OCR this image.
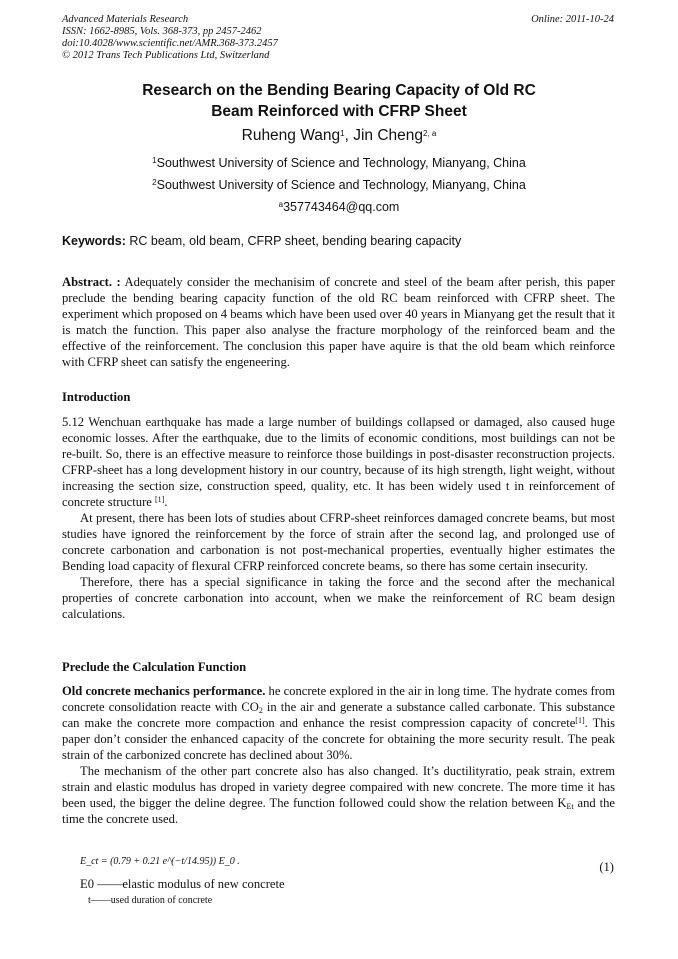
Advanced Materials Research
ISSN: 1662-8985, Vols. 368-373, pp 2457-2462
doi:10.4028/www.scientific.net/AMR.368-373.2457
© 2012 Trans Tech Publications Ltd, Switzerland
Online: 2011-10-24
Research on the Bending Bearing Capacity of Old RC
Beam Reinforced with CFRP Sheet
Ruheng Wang$^1$, Jin Cheng$^{2, a}$
$^1$Southwest University of Science and Technology, Mianyang, China
$^2$Southwest University of Science and Technology, Mianyang, China
$^a$357743464@qq.com
Keywords: RC beam, old beam, CFRP sheet, bending bearing capacity

Abstract. : Adequately consider the mechanisim of concrete and steel of the beam after perish, this paper preclude the bending bearing capacity function of the old RC beam reinforced with CFRP sheet. The experiment which proposed on 4 beams which have been used over 40 years in Mianyang get the result that it is match the function. This paper also analyse the fracture morphology of the reinforced beam and the effective of the reinforcement. The conclusion this paper have aquire is that the old beam which reinforce with CFRP sheet can satisfy the engeneering.

Introduction

5.12 Wenchuan earthquake has made a large number of buildings collapsed or damaged, also caused huge economic losses. After the earthquake, due to the limits of economic conditions, most buildings can not be re-built. So, there is an effective measure to reinforce those buildings in post-disaster reconstruction projects. CFRP-sheet has a long development history in our country, because of its high strength, light weight, without increasing the section size, construction speed, quality, etc. It has been widely used t in reinforcement of concrete structure [1].

At present, there has been lots of studies about CFRP-sheet reinforces damaged concrete beams, but most studies have ignored the reinforcement by the force of strain after the second lag, and prolonged use of concrete carbonation and carbonation is not post-mechanical properties, eventually higher estimates the Bending load capacity of flexural CFRP reinforced concrete beams, so there has some certain insecurity.

Therefore, there has a special significance in taking the force and the second after the mechanical properties of concrete carbonation into account, when we make the reinforcement of RC beam design calculations.

Preclude the Calculation Function

Old concrete mechanics performance. he concrete explored in the air in long time. The hydrate comes from concrete consolidation reacte with $CO_2$ in the air and generate a substance called carbonate. This substance can make the concrete more compaction and enhance the resist compression capacity of concrete[1]. This paper don’t consider the enhanced capacity of the concrete for obtaining the more security result. The peak strain of the carbonized concrete has declined about 30%.

The mechanism of the other part concrete also has also changed. It’s ductilityratio, peak strain, extrem strain and elastic modulus has droped in variety degree compaired with new concrete. The more time it has been used, the bigger the deline degree. The function followed could show the relation between $K_{Et}$ and the time the concrete used.

E_ct = (0.79 + 0.21 e^(−t/14.95)) E_0 .	(1)
E0 ——elastic modulus of new concrete
t——used duration of concrete
